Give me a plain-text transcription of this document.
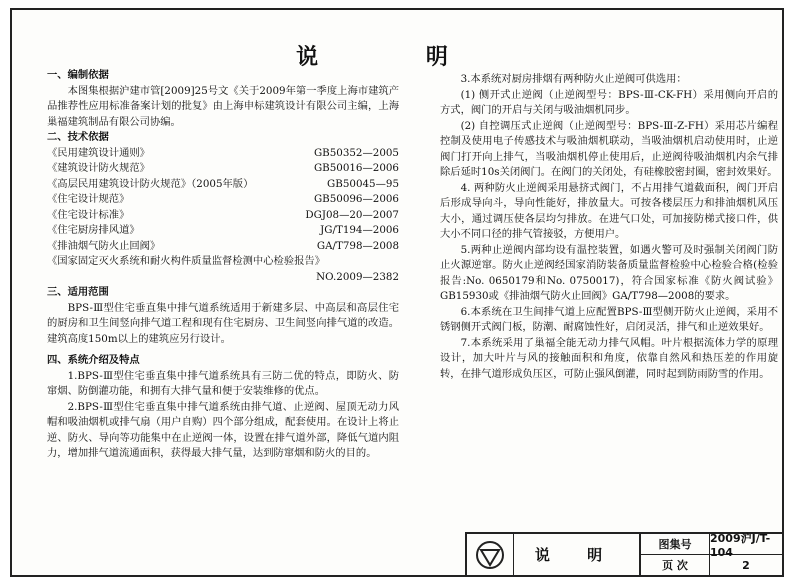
说 明
一、编制依据
本图集根据沪建市管[2009]25号文《关于2009年第一季度上海市建筑产品推荐性应用标准备案计划的批复》由上海申标建筑设计有限公司主编，上海巢福建筑制品有限公司协编。
二、技术依据
《民用建筑设计通则》	GB50352—2005
《建筑设计防火规范》	GB50016—2006
《高层民用建筑设计防火规范》（2005年版）	GB50045—95
《住宅设计规范》	GB50096—2006
《住宅设计标准》	DGJ08—20—2007
《住宅厨房排风道》	JG/T194—2006
《排油烟气防火止回阀》	GA/T798—2008
《国家固定灭火系统和耐火构件质量监督检测中心检验报告》
NO.2009—2382
三、适用范围
BPS-Ⅲ型住宅垂直集中排气道系统适用于新建多层、中高层和高层住宅的厨房和卫生间竖向排气道工程和现有住宅厨房、卫生间竖向排气道的改造。建筑高度150m以上的建筑应另行设计。
四、系统介绍及特点
1.BPS-Ⅲ型住宅垂直集中排气道系统具有三防二优的特点，即防火、防窜烟、防倒灌功能，和拥有大排气量和便于安装维修的优点。
2.BPS-Ⅲ型住宅垂直集中排气道系统由排气道、止逆阀、屋顶无动力风帽和吸油烟机或排气扇（用户自购）四个部分组成，配套使用。在设计上将止逆、防火、导向等功能集中在止逆阀一体，设置在排气道外部，降低气道内阻力，增加排气道流通面积，获得最大排气量，达到防窜烟和防火的目的。
3.本系统对厨房排烟有两种防火止逆阀可供选用：
(1) 侧开式止逆阀（止逆阀型号：BPS-Ⅲ-CK-FH）采用侧向开启的方式，阀门的开启与关闭与吸油烟机同步。
(2) 自控调压式止逆阀（止逆阀型号：BPS-Ⅲ-Z-FH）采用芯片编程控制及使用电子传感技术与吸油烟机联动，当吸油烟机启动使用时，止逆阀门打开向上排气，当吸油烟机停止使用后，止逆阀待吸油烟机内余气排除后延时10s关闭阀门。在阀门的关闭处，有硅橡胶密封圈，密封效果好。
4. 两种防火止逆阀采用悬挤式阀门，不占用排气道截面积，阀门开启后形成导向斗，导向性能好，排放量大。可按各楼层压力和排油烟机风压大小，通过调压使各层均匀排放。在进气口处，可加接防梯式接口件，供大小不同口径的排气管接驳，方便用户。
5.两种止逆阀内部均设有温控装置，如遇火警可及时强制关闭阀门防止火源逆窜。防火止逆阀经国家消防装备质量监督检验中心检验合格(检验报告:No. 0650179和No. 0750017)，符合国家标准《防火阀试验》GB15930或《排油烟气防火止回阀》GA/T798—2008的要求。
6.本系统在卫生间排气道上应配置BPS-Ⅲ型侧开防火止逆阀，采用不锈钢侧开式阀门板，防潮、耐腐蚀性好，启闭灵活，排气和止逆效果好。
7.本系统采用了巢福全能无动力排气风帽。叶片根据流体力学的原理设计，加大叶片与风的接触面积和角度，依靠自然风和热压差的作用旋转，在排气道形成负压区，可防止强风倒灌，同时起到防雨防雪的作用。
说 明
图集号	2009沪J/T-104
页 次	2
